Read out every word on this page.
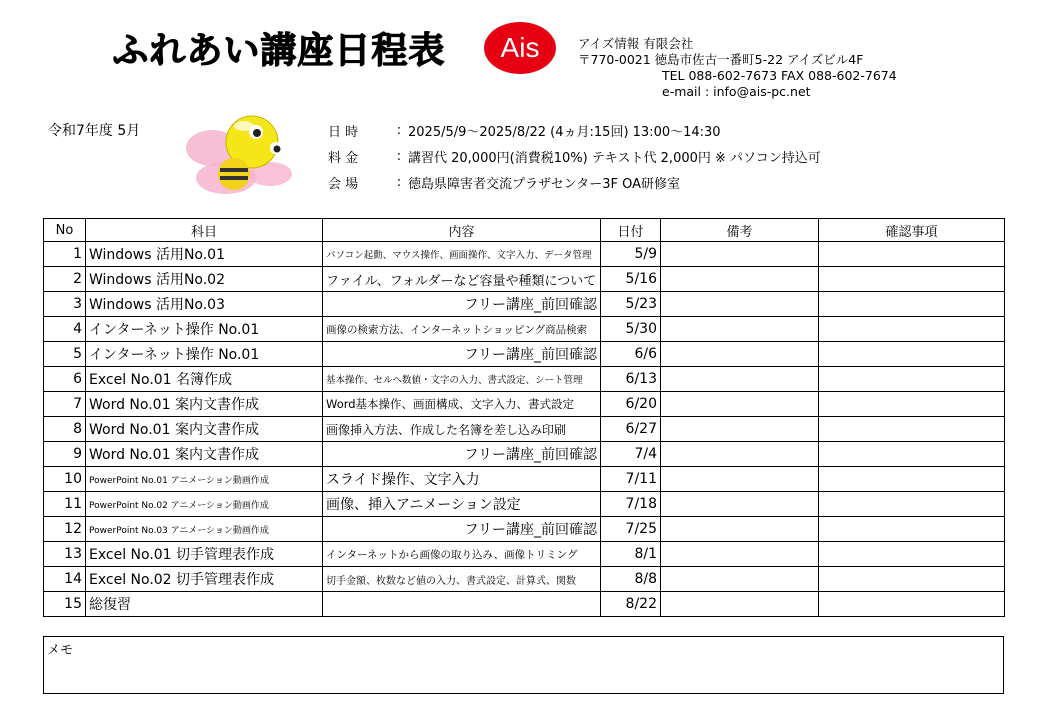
ふれあい講座日程表	Ais	アイズ情報 有限会社
〒770-0021 徳島市佐古一番町5-22 アイズビル4F
TEL 088-602-7673 FAX 088-602-7674
e-mail : info@ais-pc.net
令和7年度 5月	日 時	: 2025/5/9〜2025/8/22 (4ヵ月:15回) 13:00〜14:30
料 金	: 講習代 20,000円(消費税10%) テキスト代 2,000円 ※ パソコン持込可
会 場	: 徳島県障害者交流プラザセンター3F OA研修室
No	科目	内容	日付	備考	確認事項
1	Windows 活用No.01	パソコン起動、マウス操作、画面操作、文字入力、データ管理	5/9		
2	Windows 活用No.02	ファイル、フォルダーなど容量や種類について	5/16		
3	Windows 活用No.03	フリー講座_前回確認	5/23		
4	インターネット操作 No.01	画像の検索方法、インターネットショッピング商品検索	5/30		
5	インターネット操作 No.01	フリー講座_前回確認	6/6		
6	Excel No.01 名簿作成	基本操作、セルへ数値・文字の入力、書式設定、シート管理	6/13		
7	Word No.01 案内文書作成	Word基本操作、画面構成、文字入力、書式設定	6/20		
8	Word No.01 案内文書作成	画像挿入方法、作成した名簿を差し込み印刷	6/27		
9	Word No.01 案内文書作成	フリー講座_前回確認	7/4		
10	PowerPoint No.01 アニメーション動画作成	スライド操作、文字入力	7/11		
11	PowerPoint No.02 アニメーション動画作成	画像、挿入アニメーション設定	7/18		
12	PowerPoint No.03 アニメーション動画作成	フリー講座_前回確認	7/25		
13	Excel No.01 切手管理表作成	インターネットから画像の取り込み、画像トリミング	8/1		
14	Excel No.02 切手管理表作成	切手金額、枚数など値の入力、書式設定、計算式、関数	8/8		
15	総復習		8/22		
メモ
